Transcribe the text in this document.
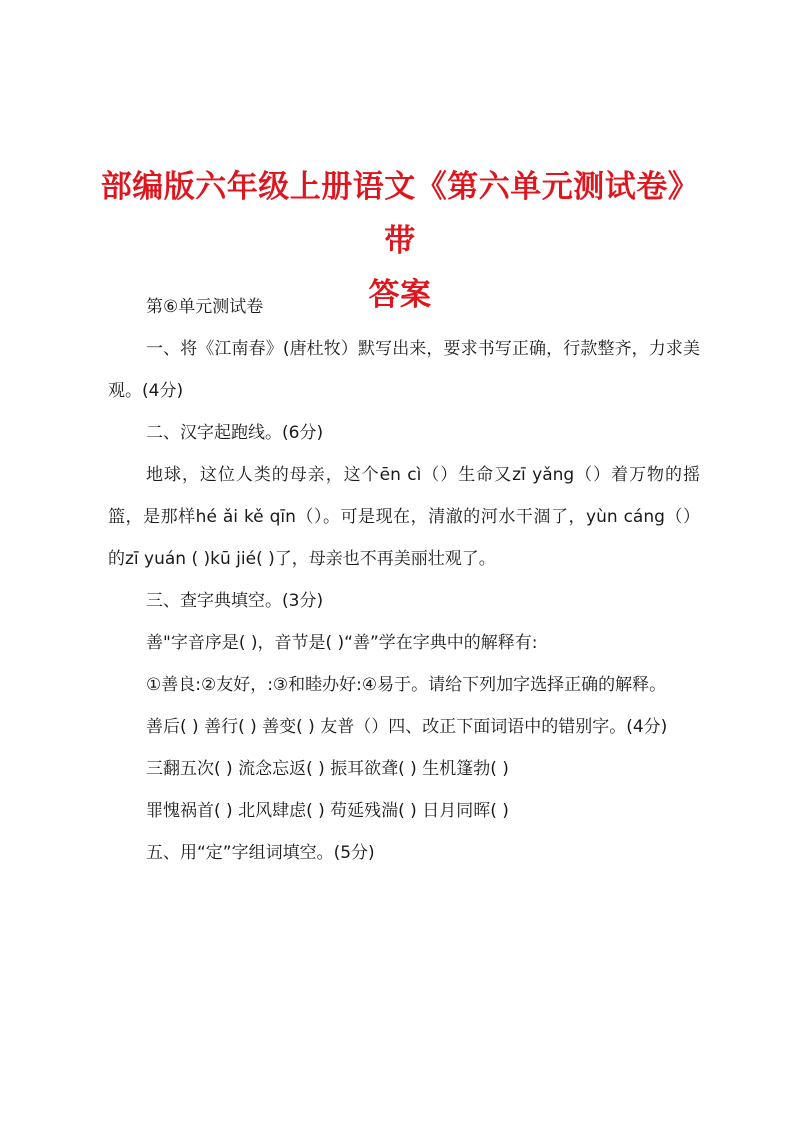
部编版六年级上册语文《第六单元测试卷》带
答案

第⑥单元测试卷

一、将《江南春》(唐杜牧）默写出来，要求书写正确，行款整齐，力求美观。(4分)

二、汉字起跑线。(6分)

地球，这位人类的母亲，这个ēn cì（）生命又zī yǎng（）着万物的摇篮，是那样hé ǎi kě qīn（）。可是现在，清澈的河水干涸了，yùn cáng（）的zī yuán ( )kū jié( )了，母亲也不再美丽壮观了。

三、查字典填空。(3分)

善"字音序是( )，音节是( )“善”学在字典中的解释有:

①善良:②友好，:③和睦办好:④易于。请给下列加字选择正确的解释。

善后( ) 善行( ) 善变( ) 友普（）四、改正下面词语中的错别字。(4分)

三翻五次( ) 流念忘返( ) 振耳欲聋( ) 生机篷勃( )

罪愧祸首( ) 北风肆虑( ) 苟延残湍( ) 日月同晖( )

五、用“定”字组词填空。(5分)
